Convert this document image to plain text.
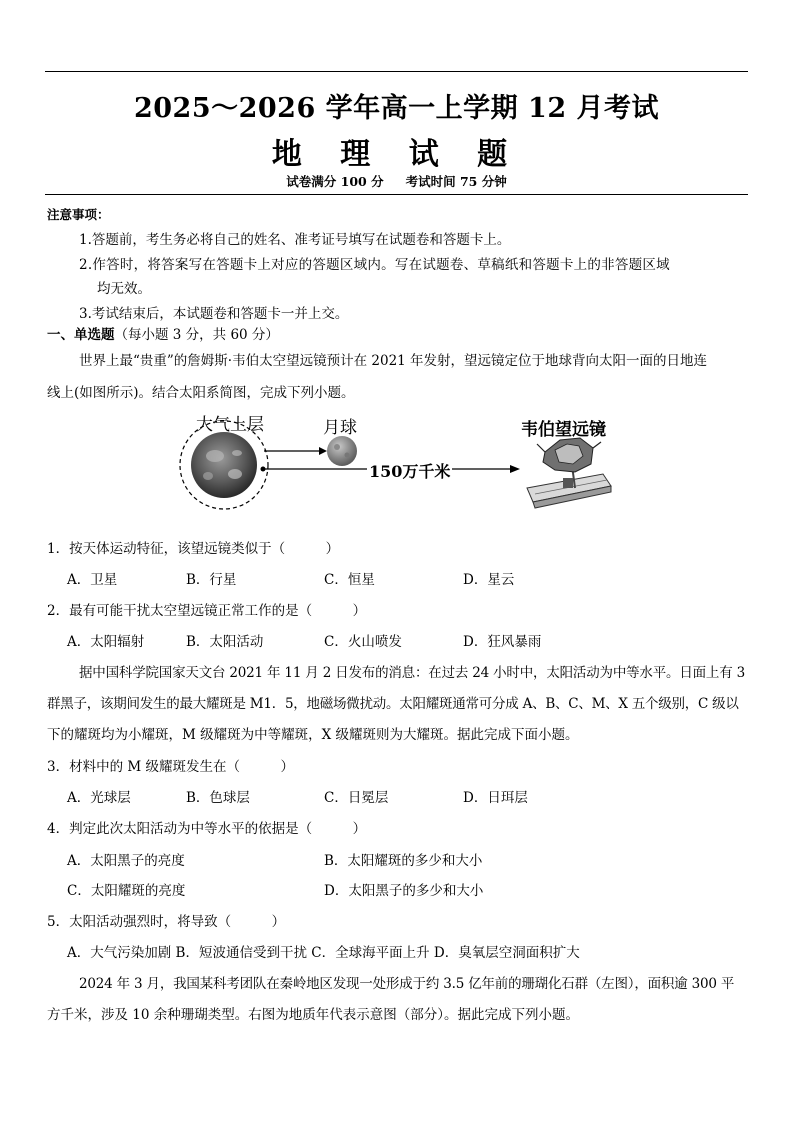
2025～2026 学年高一上学期 12 月考试
地 理 试 题
试卷满分 100 分 考试时间 75 分钟
注意事项：
1.答题前，考生务必将自己的姓名、准考证号填写在试题卷和答题卡上。
2.作答时，将答案写在答题卡上对应的答题区域内。写在试题卷、草稿纸和答题卡上的非答题区域
均无效。
3.考试结束后，本试题卷和答题卡一并上交。
一、单选题（每小题 3 分，共 60 分）
世界上最“贵重”的詹姆斯·韦伯太空望远镜预计在 2021 年发射，望远镜定位于地球背向太阳一面的日地连
线上(如图所示)。结合太阳系简图，完成下列小题。
大气上层	月球
150万千米
韦伯望远镜
1．按天体运动特征，该望远镜类似于（　　　）
A．卫星	B．行星	C．恒星	D．星云
2．最有可能干扰太空望远镜正常工作的是（　　　）
A．太阳辐射	B．太阳活动	C．火山喷发	D．狂风暴雨
据中国科学院国家天文台 2021 年 11 月 2 日发布的消息：在过去 24 小时中，太阳活动为中等水平。日面上有 3
群黑子，该期间发生的最大耀斑是 M1．5，地磁场微扰动。太阳耀斑通常可分成 A、B、C、M、X 五个级别，C 级以
下的耀斑均为小耀斑，M 级耀斑为中等耀斑，X 级耀斑则为大耀斑。据此完成下面小题。
3．材料中的 M 级耀斑发生在（　　　）
A．光球层	B．色球层	C．日冕层	D．日珥层
4．判定此次太阳活动为中等水平的依据是（　　　）
A．太阳黑子的亮度	B．太阳耀斑的多少和大小
C．太阳耀斑的亮度	D．太阳黑子的多少和大小
5．太阳活动强烈时，将导致（　　　）
A．大气污染加剧 B．短波通信受到干扰 C．全球海平面上升 D．臭氧层空洞面积扩大
2024 年 3 月，我国某科考团队在秦岭地区发现一处形成于约 3.5 亿年前的珊瑚化石群（左图），面积逾 300 平
方千米，涉及 10 余种珊瑚类型。右图为地质年代表示意图（部分）。据此完成下列小题。
